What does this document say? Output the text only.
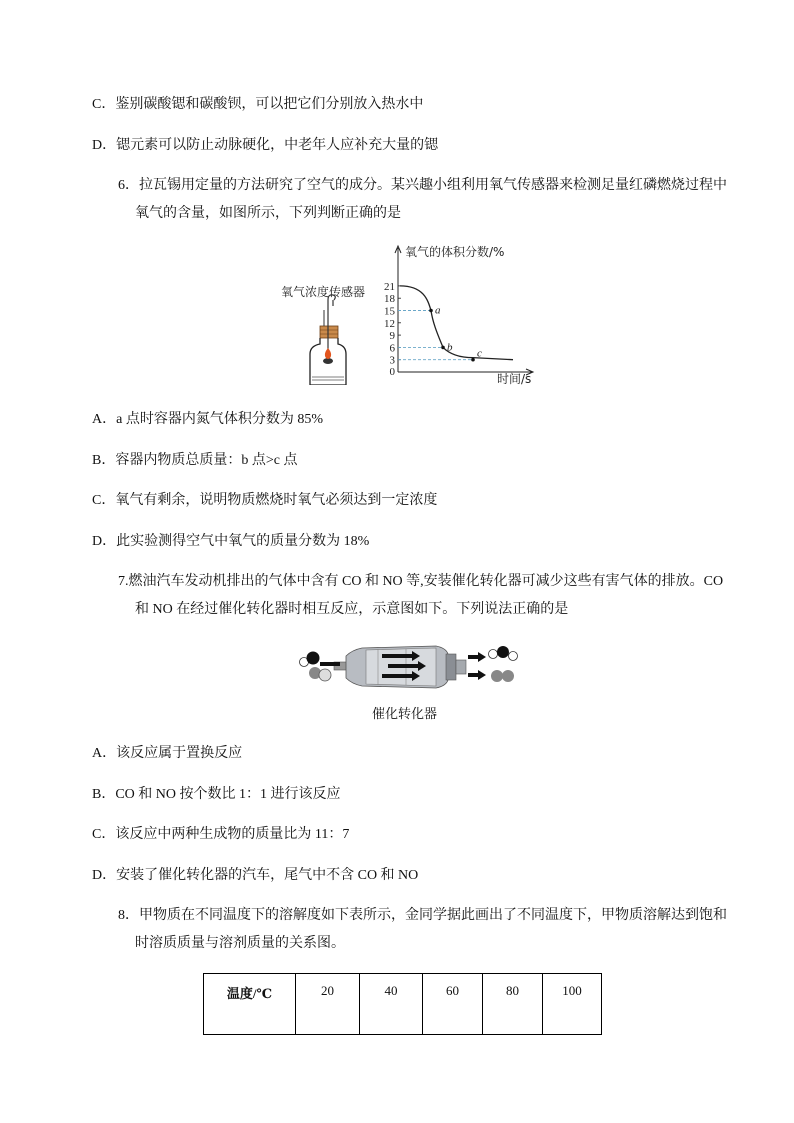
C．鉴别碳酸锶和碳酸钡，可以把它们分别放入热水中
D．锶元素可以防止动脉硬化，中老年人应补充大量的锶
6．拉瓦锡用定量的方法研究了空气的成分。某兴趣小组利用氧气传感器来检测足量红磷燃烧过程中
氧气的含量，如图所示，下列判断正确的是
氧气浓度传感器
氧气的体积分数/%
时间/s
0
3
6
9
12
15
18
21
a
b
c
A．a 点时容器内氮气体积分数为 85%
B．容器内物质总质量：b 点>c 点
C．氧气有剩余，说明物质燃烧时氧气必须达到一定浓度
D．此实验测得空气中氧气的质量分数为 18%
7.燃油汽车发动机排出的气体中含有 CO 和 NO 等,安装催化转化器可减少这些有害气体的排放。CO
和 NO 在经过催化转化器时相互反应，示意图如下。下列说法正确的是
催化转化器
A．该反应属于置换反应
B．CO 和 NO 按个数比 1：1 进行该反应
C．该反应中两种生成物的质量比为 11：7
D．安装了催化转化器的汽车，尾气中不含 CO 和 NO
8．甲物质在不同温度下的溶解度如下表所示，金同学据此画出了不同温度下，甲物质溶解达到饱和
时溶质质量与溶剂质量的关系图。
温度/℃	20	40	60	80	100
